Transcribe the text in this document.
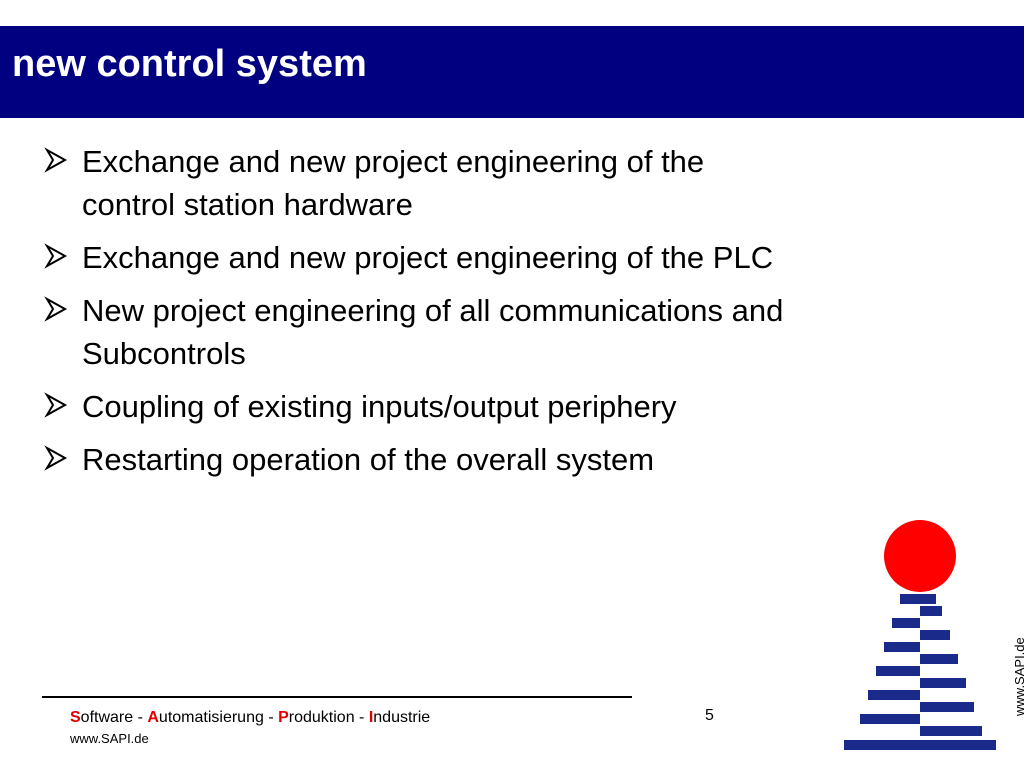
new control system
Exchange and new project engineering of the
control station hardware
Exchange and new project engineering of the PLC
New project engineering of all communications and
Subcontrols
Coupling of existing inputs/output periphery
Restarting operation of the overall system
Software - Automatisierung - Produktion - Industrie
www.SAPI.de
5	www.SAPI.de
